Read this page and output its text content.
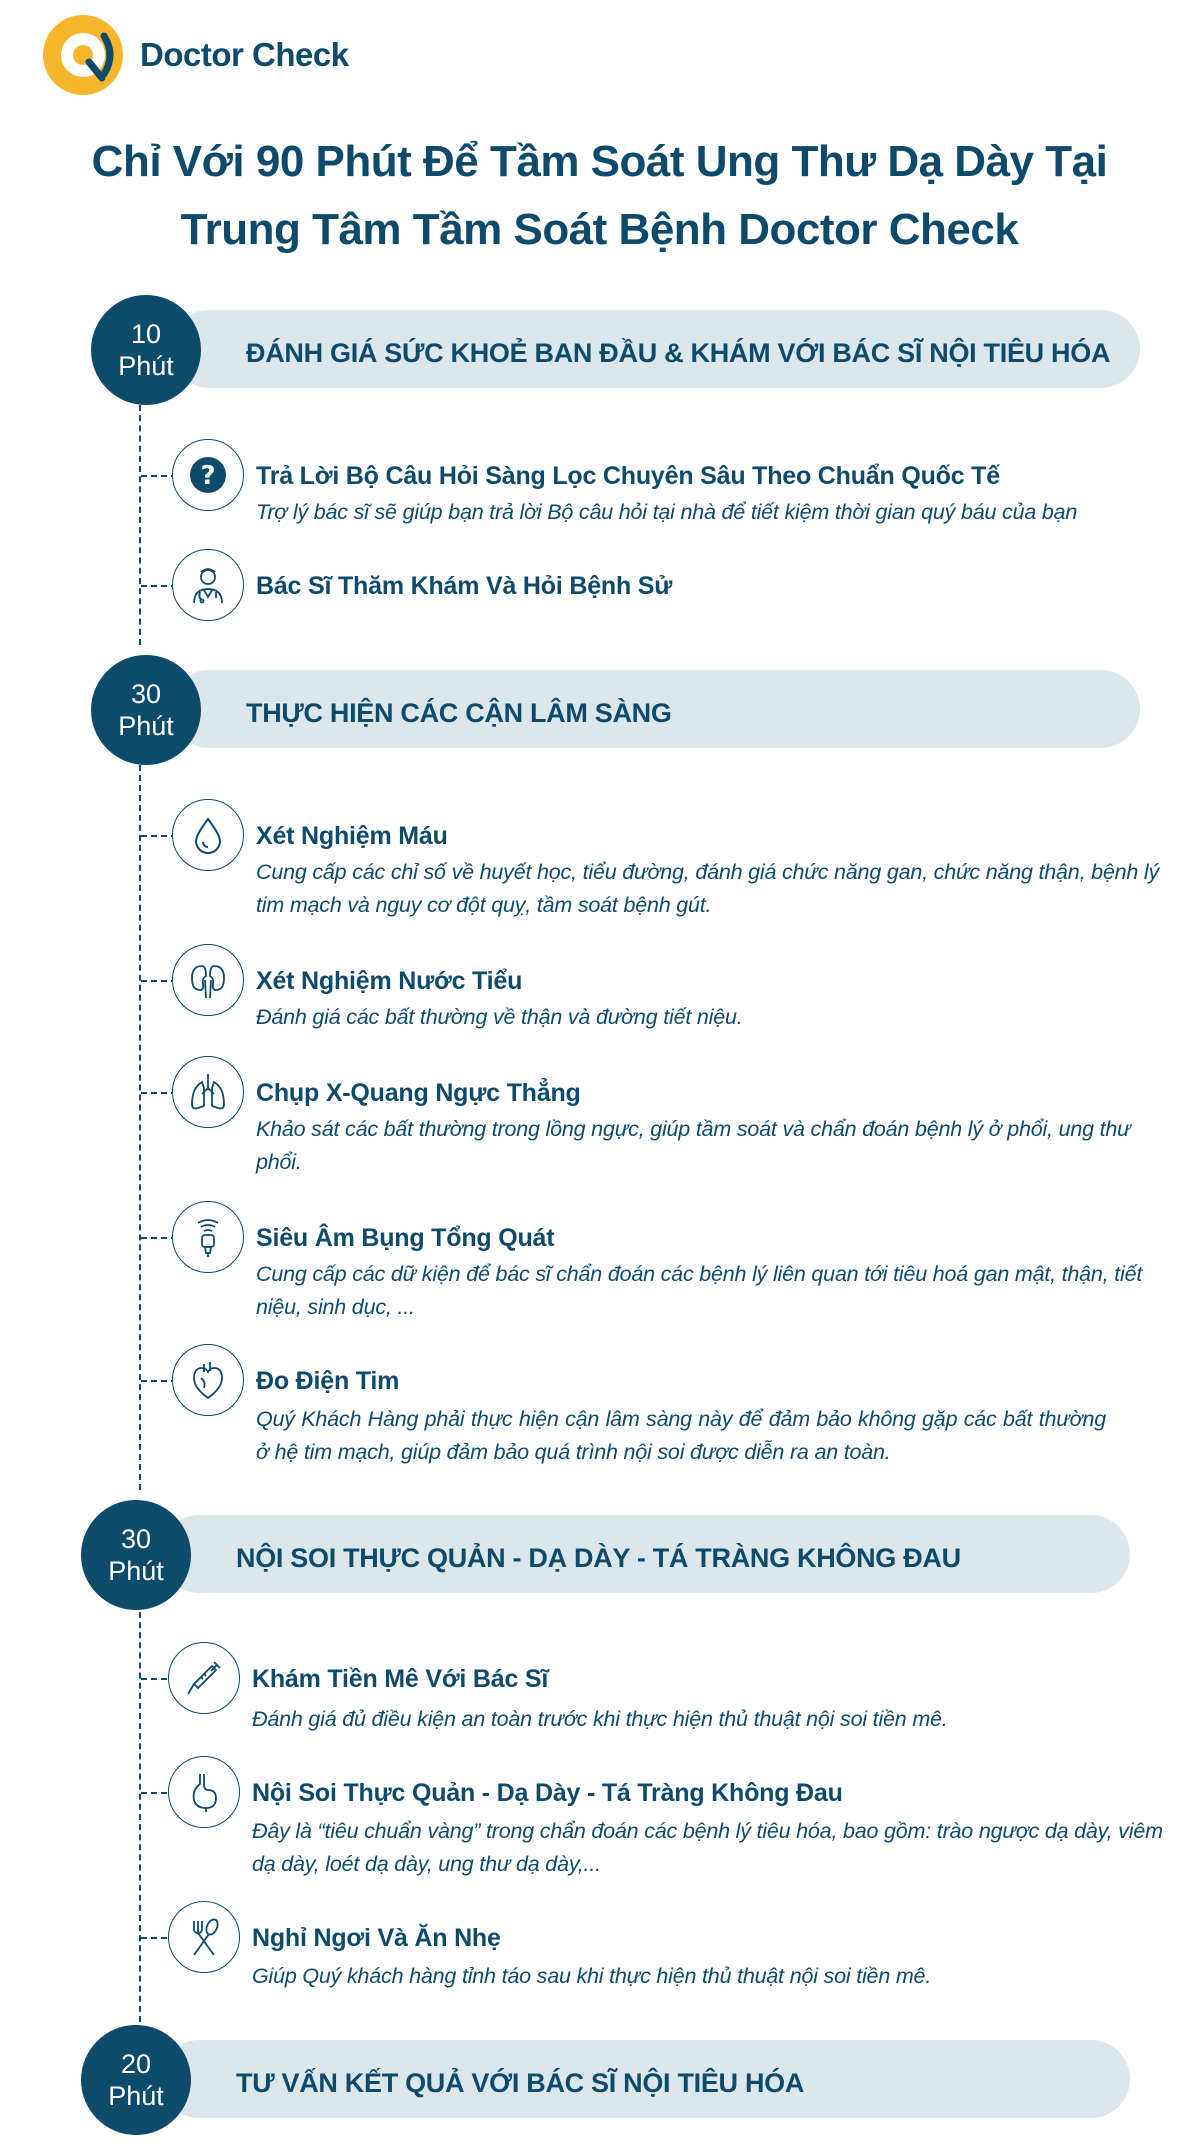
Doctor Check
Chỉ Với 90 Phút Để Tầm Soát Ung Thư Dạ Dày Tại
Trung Tâm Tầm Soát Bệnh Doctor Check
ĐÁNH GIÁ SỨC KHOẺ BAN ĐẦU & KHÁM VỚI BÁC SĨ NỘI TIÊU HÓA
10
Phút
? Trả Lời Bộ Câu Hỏi Sàng Lọc Chuyên Sâu Theo Chuẩn Quốc Tế
Trợ lý bác sĩ sẽ giúp bạn trả lời Bộ câu hỏi tại nhà để tiết kiệm thời gian quý báu của bạn
Bác Sĩ Thăm Khám Và Hỏi Bệnh Sử
THỰC HIỆN CÁC CẬN LÂM SÀNG
30
Phút
Xét Nghiệm Máu
Cung cấp các chỉ số về huyết học, tiểu đường, đánh giá chức năng gan, chức năng thận, bệnh lý tim mạch và nguy cơ đột quỵ, tầm soát bệnh gút.
Xét Nghiệm Nước Tiểu
Đánh giá các bất thường về thận và đường tiết niệu.
Chụp X-Quang Ngực Thẳng
Khảo sát các bất thường trong lồng ngực, giúp tầm soát và chẩn đoán bệnh lý ở phổi, ung thư phổi.
Siêu Âm Bụng Tổng Quát
Cung cấp các dữ kiện để bác sĩ chẩn đoán các bệnh lý liên quan tới tiêu hoá gan mật, thận, tiết niệu, sinh dục, ...
Đo Điện Tim
Quý Khách Hàng phải thực hiện cận lâm sàng này để đảm bảo không gặp các bất thường ở hệ tim mạch, giúp đảm bảo quá trình nội soi được diễn ra an toàn.
NỘI SOI THỰC QUẢN - DẠ DÀY - TÁ TRÀNG KHÔNG ĐAU
30
Phút
Khám Tiền Mê Với Bác Sĩ
Đánh giá đủ điều kiện an toàn trước khi thực hiện thủ thuật nội soi tiền mê.
Nội Soi Thực Quản - Dạ Dày - Tá Tràng Không Đau
Đây là “tiêu chuẩn vàng” trong chẩn đoán các bệnh lý tiêu hóa, bao gồm: trào ngược dạ dày, viêm dạ dày, loét dạ dày, ung thư dạ dày,...
Nghỉ Ngơi Và Ăn Nhẹ
Giúp Quý khách hàng tỉnh táo sau khi thực hiện thủ thuật nội soi tiền mê.
TƯ VẤN KẾT QUẢ VỚI BÁC SĨ NỘI TIÊU HÓA
20
Phút
